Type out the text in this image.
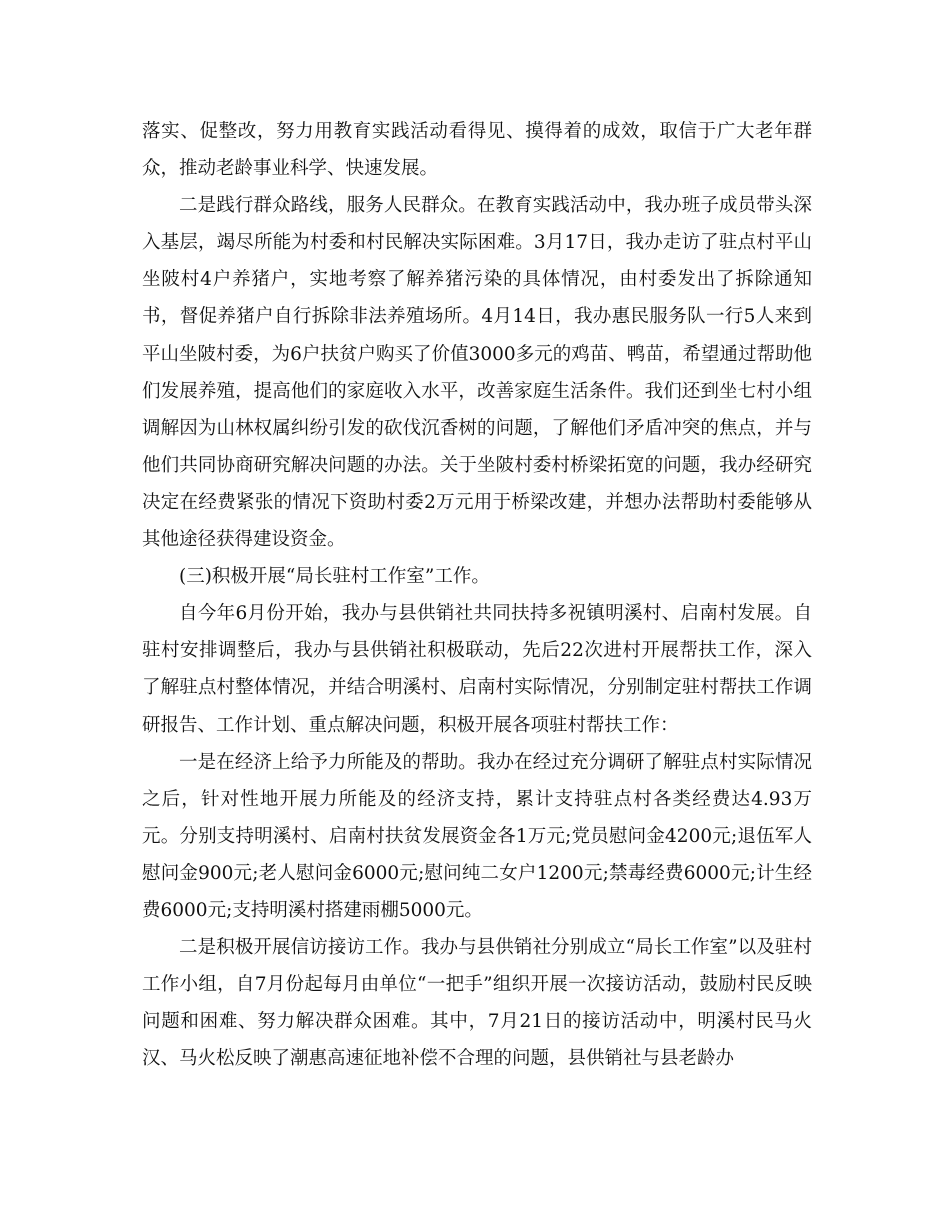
落实、促整改，努力用教育实践活动看得见、摸得着的成效，取信于广大老年群众，推动老龄事业科学、快速发展。

二是践行群众路线，服务人民群众。在教育实践活动中，我办班子成员带头深入基层，竭尽所能为村委和村民解决实际困难。3月17日，我办走访了驻点村平山坐陂村4户养猪户，实地考察了解养猪污染的具体情况，由村委发出了拆除通知书，督促养猪户自行拆除非法养殖场所。4月14日，我办惠民服务队一行5人来到平山坐陂村委，为6户扶贫户购买了价值3000多元的鸡苗、鸭苗，希望通过帮助他们发展养殖，提高他们的家庭收入水平，改善家庭生活条件。我们还到坐七村小组调解因为山林权属纠纷引发的砍伐沉香树的问题，了解他们矛盾冲突的焦点，并与他们共同协商研究解决问题的办法。关于坐陂村委村桥梁拓宽的问题，我办经研究决定在经费紧张的情况下资助村委2万元用于桥梁改建，并想办法帮助村委能够从其他途径获得建设资金。

(三)积极开展“局长驻村工作室”工作。

自今年6月份开始，我办与县供销社共同扶持多祝镇明溪村、启南村发展。自驻村安排调整后，我办与县供销社积极联动，先后22次进村开展帮扶工作，深入了解驻点村整体情况，并结合明溪村、启南村实际情况，分别制定驻村帮扶工作调研报告、工作计划、重点解决问题，积极开展各项驻村帮扶工作：

一是在经济上给予力所能及的帮助。我办在经过充分调研了解驻点村实际情况之后，针对性地开展力所能及的经济支持，累计支持驻点村各类经费达4.93万元。分别支持明溪村、启南村扶贫发展资金各1万元;党员慰问金4200元;退伍军人慰问金900元;老人慰问金6000元;慰问纯二女户1200元;禁毒经费6000元;计生经费6000元;支持明溪村搭建雨棚5000元。

二是积极开展信访接访工作。我办与县供销社分别成立“局长工作室”以及驻村工作小组，自7月份起每月由单位“一把手”组织开展一次接访活动，鼓励村民反映问题和困难、努力解决群众困难。其中，7月21日的接访活动中，明溪村民马火汉、马火松反映了潮惠高速征地补偿不合理的问题，县供销社与县老龄办
